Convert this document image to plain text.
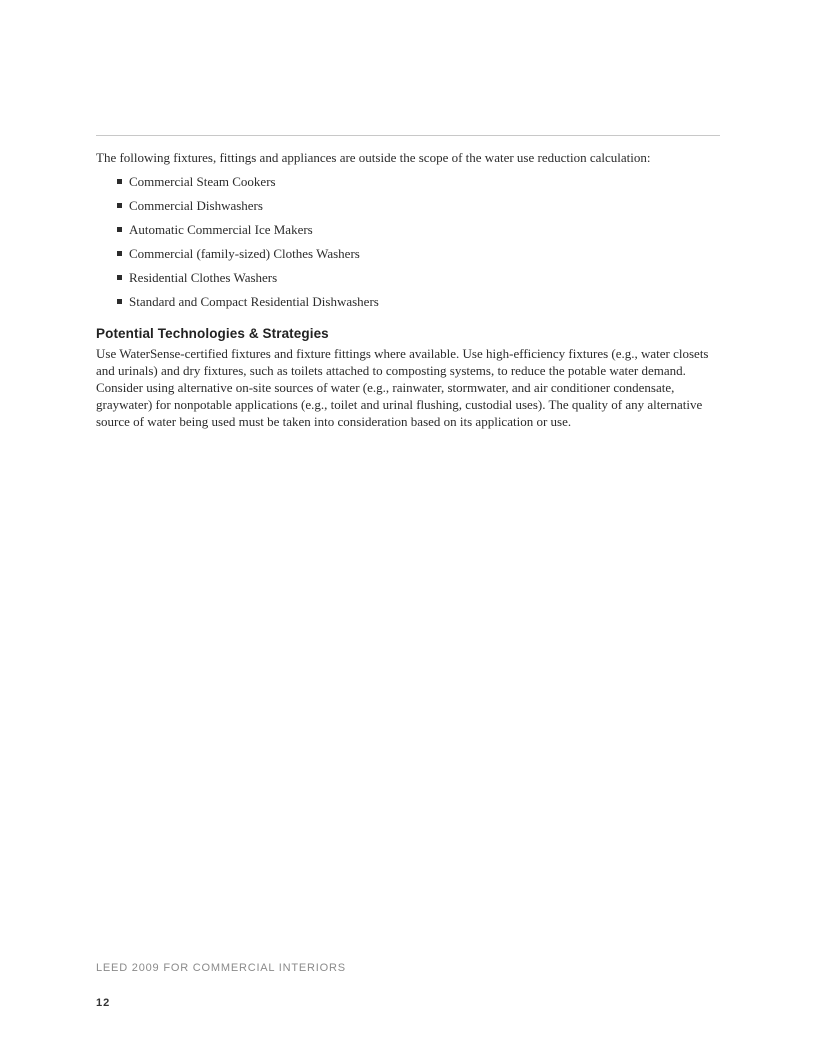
The following fixtures, fittings and appliances are outside the scope of the water use reduction calculation:

Commercial Steam Cookers
Commercial Dishwashers
Automatic Commercial Ice Makers
Commercial (family-sized) Clothes Washers
Residential Clothes Washers
Standard and Compact Residential Dishwashers
Potential Technologies & Strategies

Use WaterSense-certified fixtures and fixture fittings where available. Use high-efficiency fixtures (e.g., water closets and urinals) and dry fixtures, such as toilets attached to composting systems, to reduce the potable water demand. Consider using alternative on-site sources of water (e.g., rainwater, stormwater, and air conditioner condensate, graywater) for nonpotable applications (e.g., toilet and urinal flushing, custodial uses). The quality of any alternative source of water being used must be taken into consideration based on its application or use.

LEED 2009 FOR COMMERCIAL INTERIORS
12
